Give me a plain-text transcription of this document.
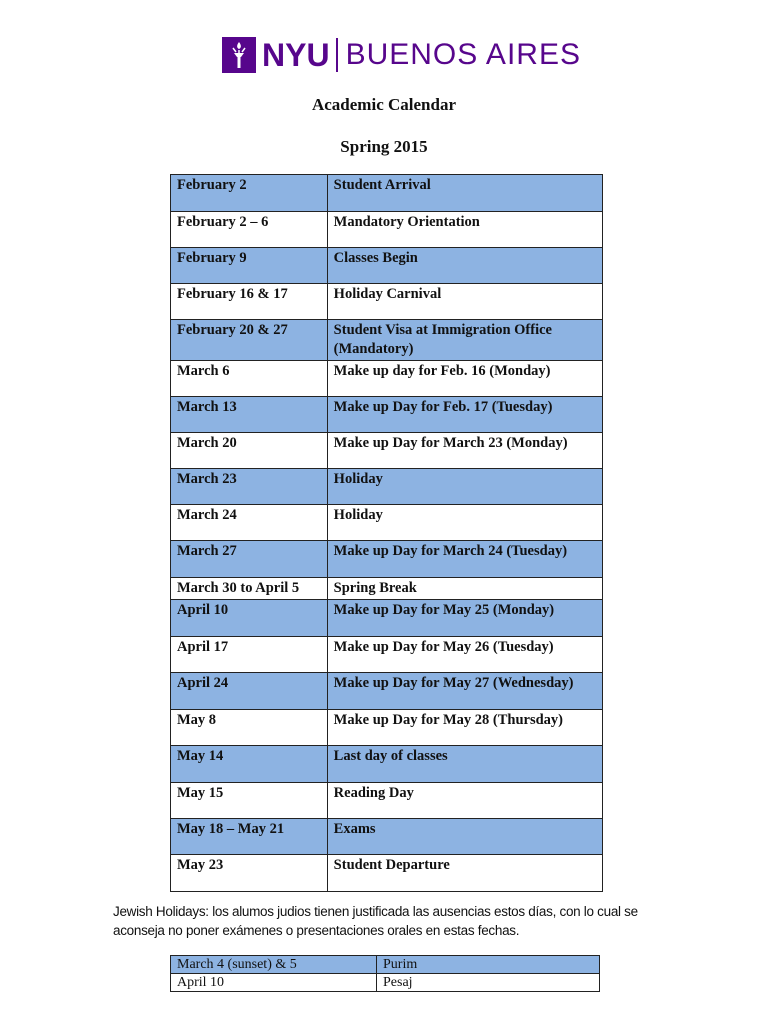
NYU BUENOS AIRES
Academic Calendar
Spring 2015
February 2	Student Arrival
February 2 – 6	Mandatory Orientation
February 9	Classes Begin
February 16 & 17	Holiday Carnival
February 20 & 27	Student Visa at Immigration Office (Mandatory)
March 6	Make up day for Feb. 16 (Monday)
March 13	Make up Day for Feb. 17 (Tuesday)
March 20	Make up Day for March 23 (Monday)
March 23	Holiday
March 24	Holiday
March 27	Make up Day for March 24 (Tuesday)
March 30 to April 5	Spring Break
April 10	Make up Day for May 25 (Monday)
April 17	Make up Day for May 26 (Tuesday)
April 24	Make up Day for May 27 (Wednesday)
May 8	Make up Day for May 28 (Thursday)
May 14	Last day of classes
May 15	Reading Day
May 18 – May 21	Exams
May 23	Student Departure
Jewish Holidays: los alumos judios tienen justificada las ausencias estos días, con lo cual se aconseja no poner exámenes o presentaciones orales en estas fechas.
March 4 (sunset) & 5	Purim
April 10	Pesaj
